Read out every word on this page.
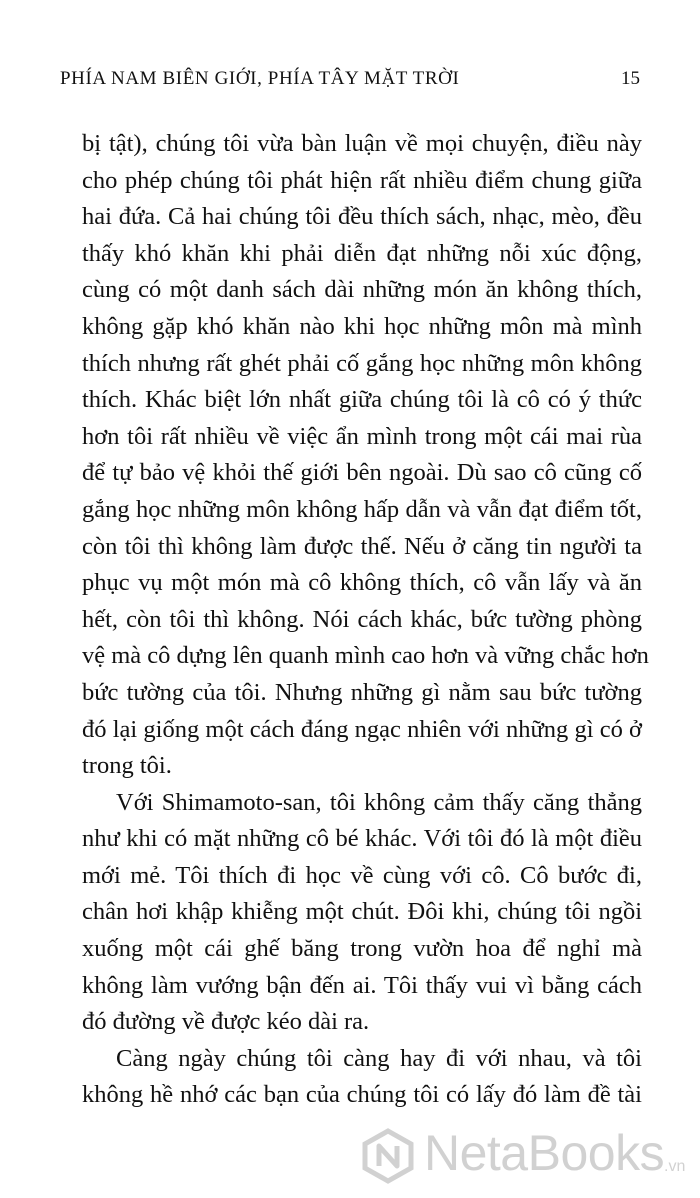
PHÍA NAM BIÊN GIỚI, PHÍA TÂY MẶT TRỜI	15
bị tật), chúng tôi vừa bàn luận về mọi chuyện, điều này
cho phép chúng tôi phát hiện rất nhiều điểm chung giữa
hai đứa. Cả hai chúng tôi đều thích sách, nhạc, mèo, đều
thấy khó khăn khi phải diễn đạt những nỗi xúc động,
cùng có một danh sách dài những món ăn không thích,
không gặp khó khăn nào khi học những môn mà mình
thích nhưng rất ghét phải cố gắng học những môn không
thích. Khác biệt lớn nhất giữa chúng tôi là cô có ý thức
hơn tôi rất nhiều về việc ẩn mình trong một cái mai rùa
để tự bảo vệ khỏi thế giới bên ngoài. Dù sao cô cũng cố
gắng học những môn không hấp dẫn và vẫn đạt điểm tốt,
còn tôi thì không làm được thế. Nếu ở căng tin người ta
phục vụ một món mà cô không thích, cô vẫn lấy và ăn
hết, còn tôi thì không. Nói cách khác, bức tường phòng
vệ mà cô dựng lên quanh mình cao hơn và vững chắc hơn
bức tường của tôi. Nhưng những gì nằm sau bức tường
đó lại giống một cách đáng ngạc nhiên với những gì có ở
trong tôi.
Với Shimamoto-san, tôi không cảm thấy căng thẳng
như khi có mặt những cô bé khác. Với tôi đó là một điều
mới mẻ. Tôi thích đi học về cùng với cô. Cô bước đi,
chân hơi khập khiễng một chút. Đôi khi, chúng tôi ngồi
xuống một cái ghế băng trong vườn hoa để nghỉ mà
không làm vướng bận đến ai. Tôi thấy vui vì bằng cách
đó đường về được kéo dài ra.
Càng ngày chúng tôi càng hay đi với nhau, và tôi
không hề nhớ các bạn của chúng tôi có lấy đó làm đề tài
NetaBooks .vn
